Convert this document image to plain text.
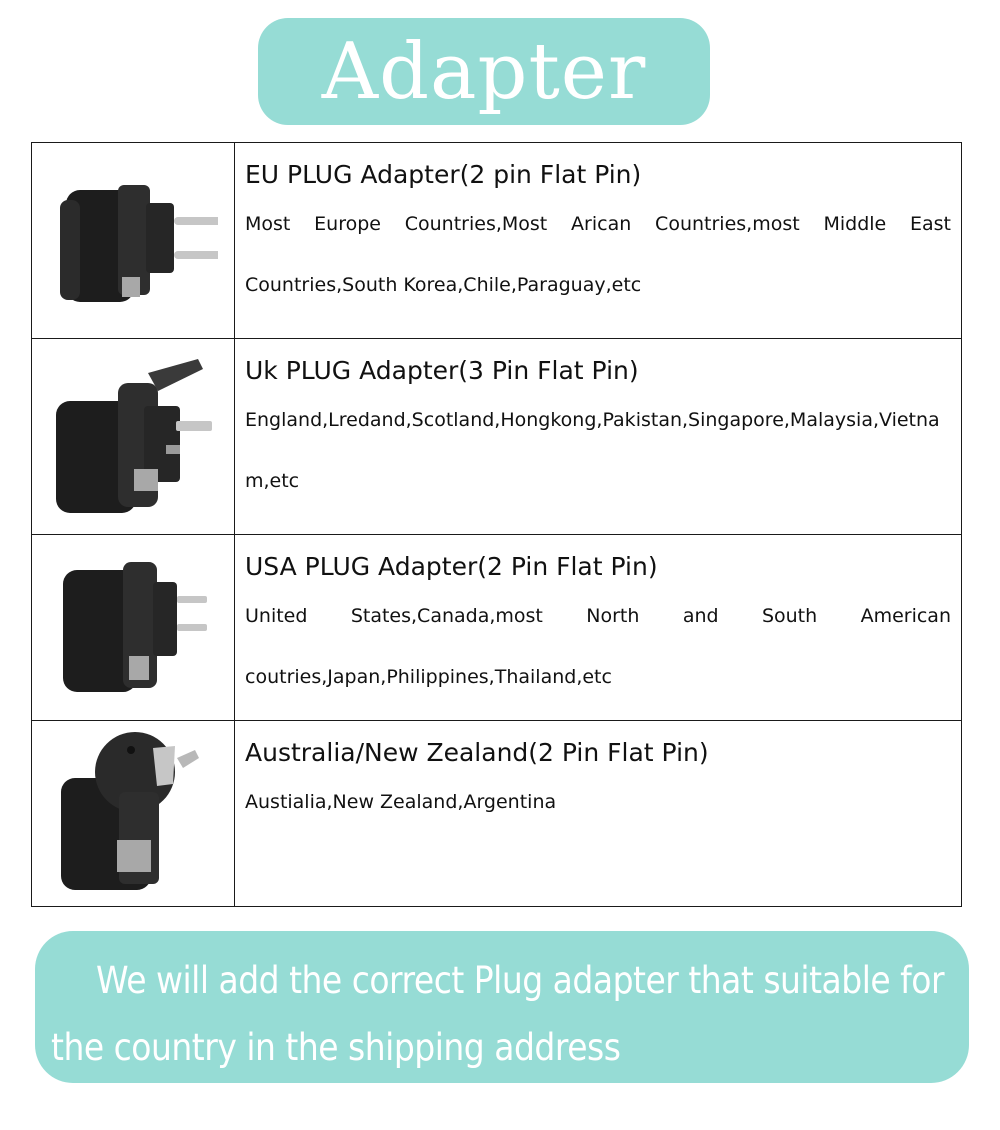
Adapter

EU PLUG Adapter(2 pin Flat Pin)

Most Europe Countries,Most Arican Countries,most Middle East Countries,South Korea,Chile,Paraguay,etc

Uk PLUG Adapter(3 Pin Flat Pin)

England,Lredand,Scotland,Hongkong,Pakistan,Singapore,Malaysia,Vietnam,etc

USA PLUG Adapter(2 Pin Flat Pin)

United States,Canada,most North and South American coutries,Japan,Philippines,Thailand,etc

Australia/New Zealand(2 Pin Flat Pin)

Austialia,New Zealand,Argentina

We will add the correct Plug adapter that suitable for the country in the shipping address
